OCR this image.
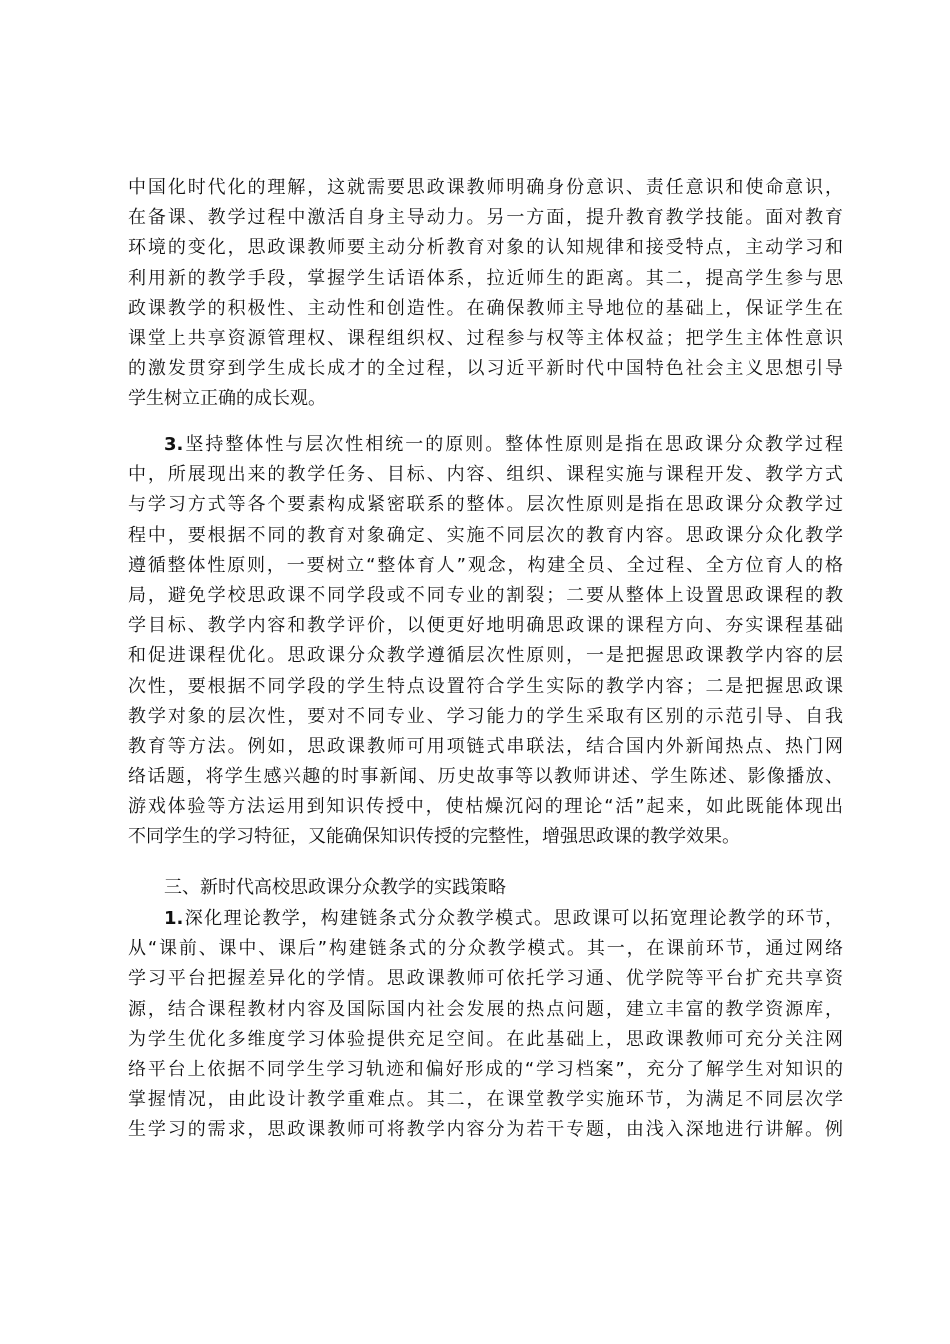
中国化时代化的理解，这就需要思政课教师明确身份意识、责任意识和使命意识，
在备课、教学过程中激活自身主导动力。另一方面，提升教育教学技能。面对教育
环境的变化，思政课教师要主动分析教育对象的认知规律和接受特点，主动学习和
利用新的教学手段，掌握学生话语体系，拉近师生的距离。其二，提高学生参与思
政课教学的积极性、主动性和创造性。在确保教师主导地位的基础上，保证学生在
课堂上共享资源管理权、课程组织权、过程参与权等主体权益；把学生主体性意识
的激发贯穿到学生成长成才的全过程，以习近平新时代中国特色社会主义思想引导
学生树立正确的成长观。
3.坚持整体性与层次性相统一的原则。整体性原则是指在思政课分众教学过程
中，所展现出来的教学任务、目标、内容、组织、课程实施与课程开发、教学方式
与学习方式等各个要素构成紧密联系的整体。层次性原则是指在思政课分众教学过
程中，要根据不同的教育对象确定、实施不同层次的教育内容。思政课分众化教学
遵循整体性原则，一要树立“整体育人”观念，构建全员、全过程、全方位育人的格
局，避免学校思政课不同学段或不同专业的割裂；二要从整体上设置思政课程的教
学目标、教学内容和教学评价，以便更好地明确思政课的课程方向、夯实课程基础
和促进课程优化。思政课分众教学遵循层次性原则，一是把握思政课教学内容的层
次性，要根据不同学段的学生特点设置符合学生实际的教学内容；二是把握思政课
教学对象的层次性，要对不同专业、学习能力的学生采取有区别的示范引导、自我
教育等方法。例如，思政课教师可用项链式串联法，结合国内外新闻热点、热门网
络话题，将学生感兴趣的时事新闻、历史故事等以教师讲述、学生陈述、影像播放、
游戏体验等方法运用到知识传授中，使枯燥沉闷的理论“活”起来，如此既能体现出
不同学生的学习特征，又能确保知识传授的完整性，增强思政课的教学效果。
三、新时代高校思政课分众教学的实践策略
1.深化理论教学，构建链条式分众教学模式。思政课可以拓宽理论教学的环节，
从“课前、课中、课后”构建链条式的分众教学模式。其一，在课前环节，通过网络
学习平台把握差异化的学情。思政课教师可依托学习通、优学院等平台扩充共享资
源，结合课程教材内容及国际国内社会发展的热点问题，建立丰富的教学资源库，
为学生优化多维度学习体验提供充足空间。在此基础上，思政课教师可充分关注网
络平台上依据不同学生学习轨迹和偏好形成的“学习档案”，充分了解学生对知识的
掌握情况，由此设计教学重难点。其二，在课堂教学实施环节，为满足不同层次学
生学习的需求，思政课教师可将教学内容分为若干专题，由浅入深地进行讲解。例
